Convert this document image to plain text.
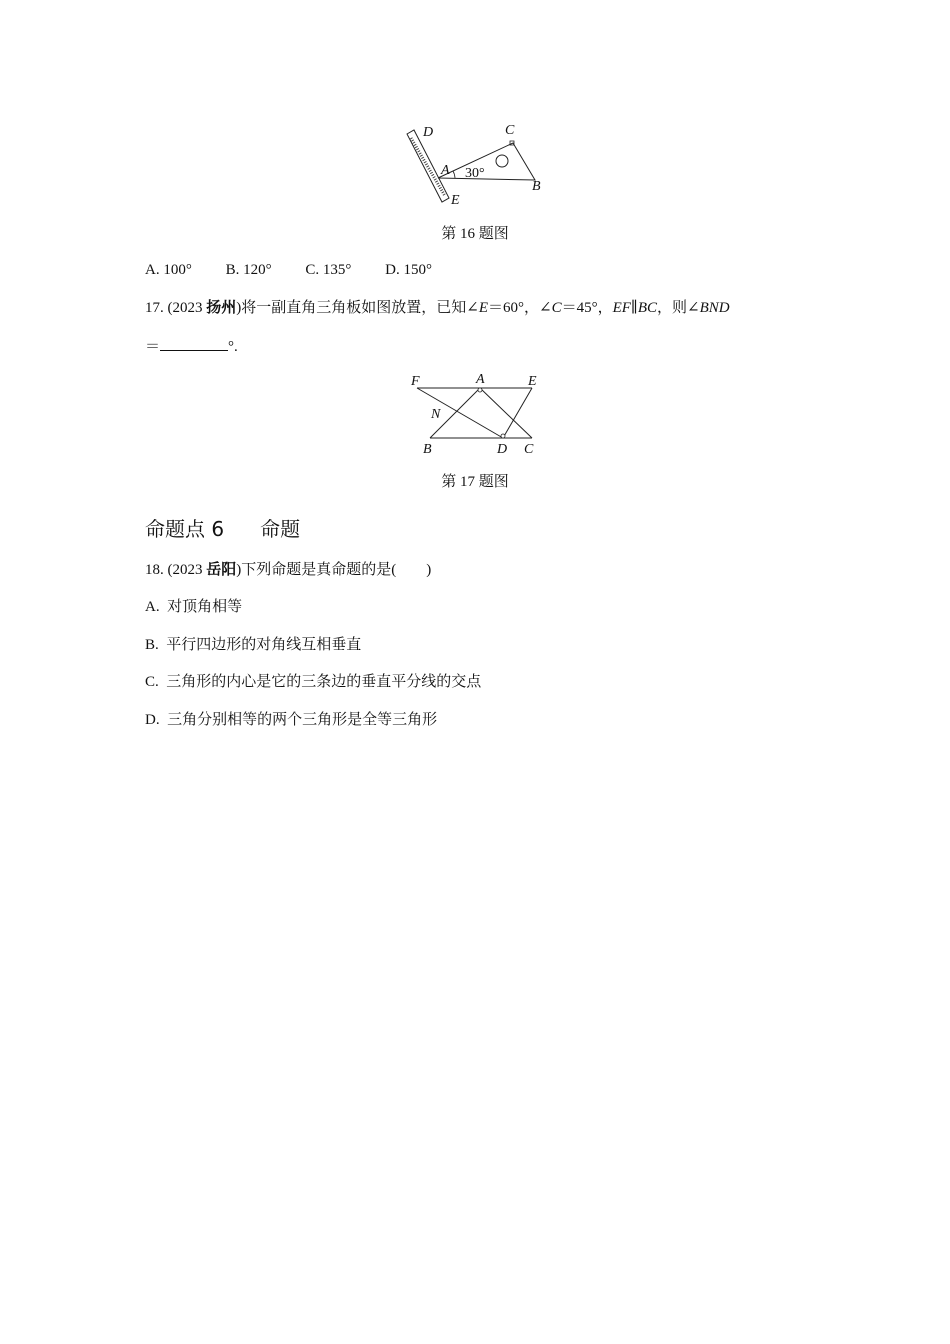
D	C
A 30°
B
E
第 16 题图
A. 100° B. 120° C. 135° D. 150°
17. (2023 扬州)将一副直角三角板如图放置，已知∠E＝60°，∠C＝45°，EF∥BC，则∠BND
＝	°.
F	A	E
N
B	D C
第 17 题图
命题点 6 命题
18. (2023 岳阳)下列命题是真命题的是(　　)
A. 对顶角相等
B. 平行四边形的对角线互相垂直
C. 三角形的内心是它的三条边的垂直平分线的交点
D. 三角分别相等的两个三角形是全等三角形
